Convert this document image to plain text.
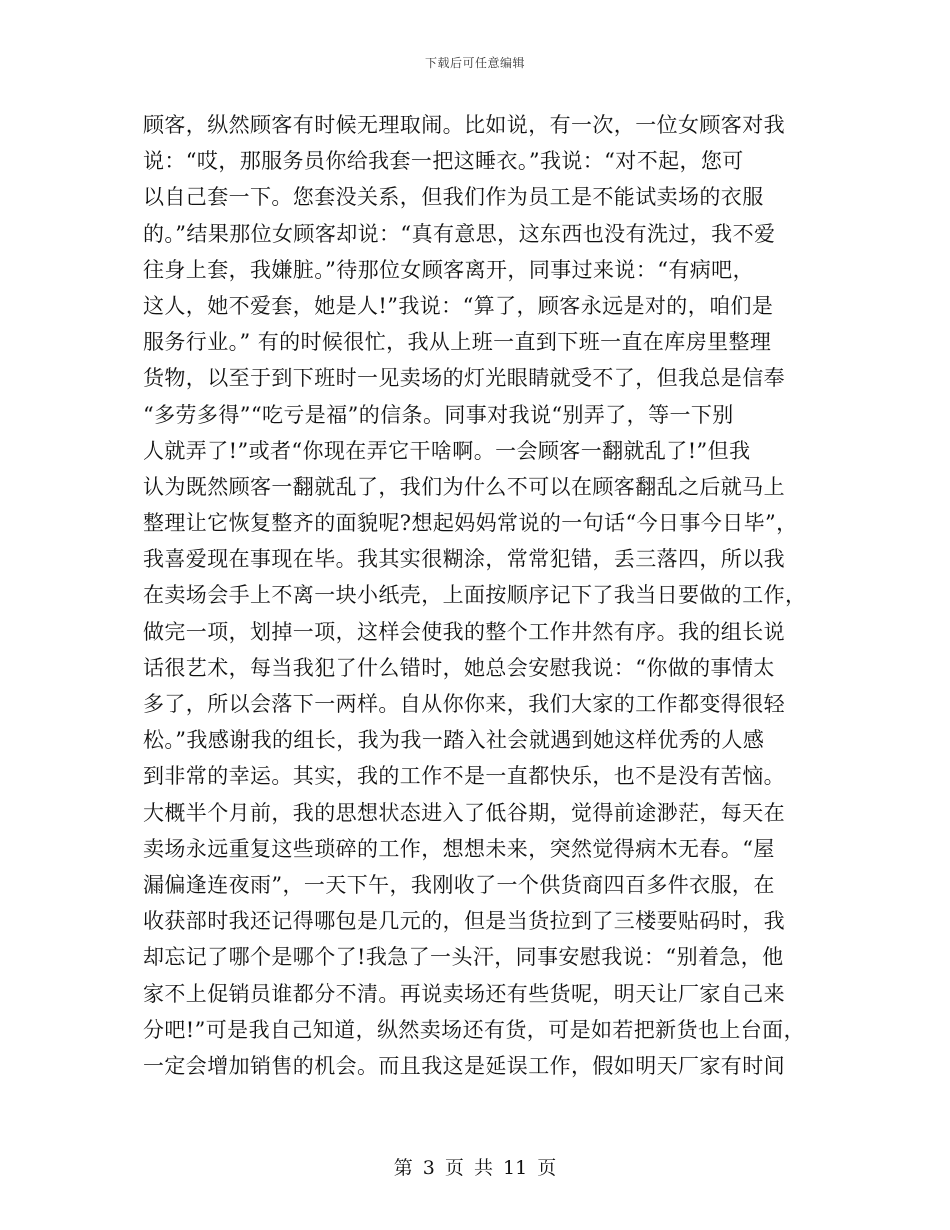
下载后可任意编辑
顾客，纵然顾客有时候无理取闹。比如说，有一次，一位女顾客对我
说：“哎，那服务员你给我套一把这睡衣。”我说：“对不起，您可
以自己套一下。您套没关系，但我们作为员工是不能试卖场的衣服
的。”结果那位女顾客却说：“真有意思，这东西也没有洗过，我不爱
往身上套，我嫌脏。”待那位女顾客离开，同事过来说：“有病吧，
这人，她不爱套，她是人!”我说：“算了，顾客永远是对的，咱们是
服务行业。” 有的时候很忙，我从上班一直到下班一直在库房里整理
货物，以至于到下班时一见卖场的灯光眼睛就受不了，但我总是信奉
“多劳多得”“吃亏是福”的信条。同事对我说“别弄了，等一下别
人就弄了!”或者“你现在弄它干啥啊。一会顾客一翻就乱了!”但我
认为既然顾客一翻就乱了，我们为什么不可以在顾客翻乱之后就马上
整理让它恢复整齐的面貌呢?想起妈妈常说的一句话“今日事今日毕”，
我喜爱现在事现在毕。我其实很糊涂，常常犯错，丢三落四，所以我
在卖场会手上不离一块小纸壳，上面按顺序记下了我当日要做的工作，
做完一项，划掉一项，这样会使我的整个工作井然有序。我的组长说
话很艺术，每当我犯了什么错时，她总会安慰我说：“你做的事情太
多了，所以会落下一两样。自从你你来，我们大家的工作都变得很轻
松。”我感谢我的组长，我为我一踏入社会就遇到她这样优秀的人感
到非常的幸运。其实，我的工作不是一直都快乐，也不是没有苦恼。
大概半个月前，我的思想状态进入了低谷期，觉得前途渺茫，每天在
卖场永远重复这些琐碎的工作，想想未来，突然觉得病木无春。“屋
漏偏逢连夜雨”，一天下午，我刚收了一个供货商四百多件衣服，在
收获部时我还记得哪包是几元的，但是当货拉到了三楼要贴码时，我
却忘记了哪个是哪个了!我急了一头汗，同事安慰我说：“别着急，他
家不上促销员谁都分不清。再说卖场还有些货呢，明天让厂家自己来
分吧!”可是我自己知道，纵然卖场还有货，可是如若把新货也上台面，
一定会增加销售的机会。而且我这是延误工作，假如明天厂家有时间
第 3 页 共 11 页
